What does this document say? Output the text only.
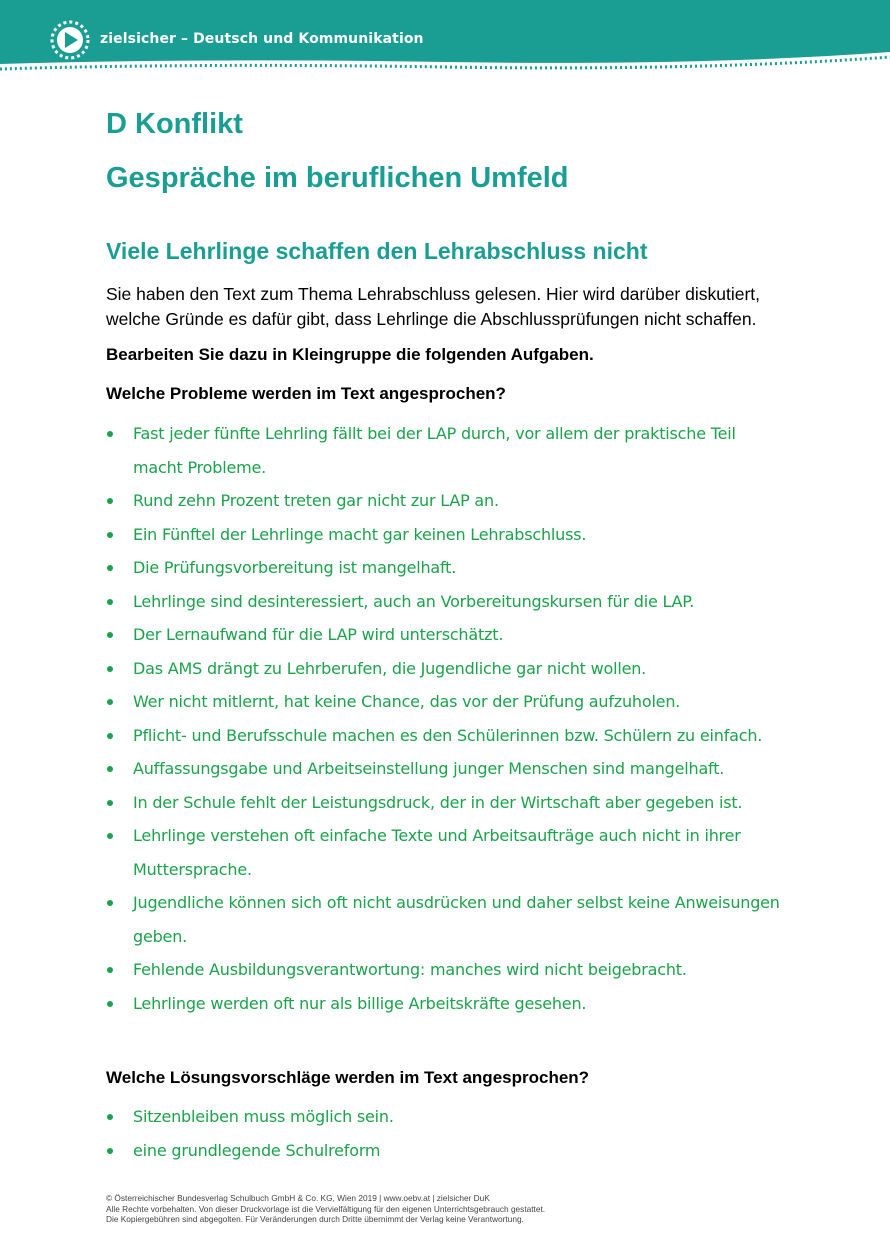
zielsicher – Deutsch und Kommunikation
D Konflikt
Gespräche im beruflichen Umfeld
Viele Lehrlinge schaffen den Lehrabschluss nicht

Sie haben den Text zum Thema Lehrabschluss gelesen. Hier wird darüber diskutiert, welche Gründe es dafür gibt, dass Lehrlinge die Abschlussprüfungen nicht schaffen.

Bearbeiten Sie dazu in Kleingruppe die folgenden Aufgaben.

Welche Probleme werden im Text angesprochen?

Fast jeder fünfte Lehrling fällt bei der LAP durch, vor allem der praktische Teil macht Probleme.
Rund zehn Prozent treten gar nicht zur LAP an.
Ein Fünftel der Lehrlinge macht gar keinen Lehrabschluss.
Die Prüfungsvorbereitung ist mangelhaft.
Lehrlinge sind desinteressiert, auch an Vorbereitungskursen für die LAP.
Der Lernaufwand für die LAP wird unterschätzt.
Das AMS drängt zu Lehrberufen, die Jugendliche gar nicht wollen.
Wer nicht mitlernt, hat keine Chance, das vor der Prüfung aufzuholen.
Pflicht- und Berufsschule machen es den Schülerinnen bzw. Schülern zu einfach.
Auffassungsgabe und Arbeitseinstellung junger Menschen sind mangelhaft.
In der Schule fehlt der Leistungsdruck, der in der Wirtschaft aber gegeben ist.
Lehrlinge verstehen oft einfache Texte und Arbeitsaufträge auch nicht in ihrer Muttersprache.
Jugendliche können sich oft nicht ausdrücken und daher selbst keine Anweisungen geben.
Fehlende Ausbildungsverantwortung: manches wird nicht beigebracht.
Lehrlinge werden oft nur als billige Arbeitskräfte gesehen.

Welche Lösungsvorschläge werden im Text angesprochen?

Sitzenbleiben muss möglich sein.
eine grundlegende Schulreform
© Österreichischer Bundesverlag Schulbuch GmbH & Co. KG, Wien 2019 | www.oebv.at | zielsicher DuK
Alle Rechte vorbehalten. Von dieser Druckvorlage ist die Vervielfältigung für den eigenen Unterrichtsgebrauch gestattet.
Die Kopiergebühren sind abgegolten. Für Veränderungen durch Dritte übernimmt der Verlag keine Verantwortung.
